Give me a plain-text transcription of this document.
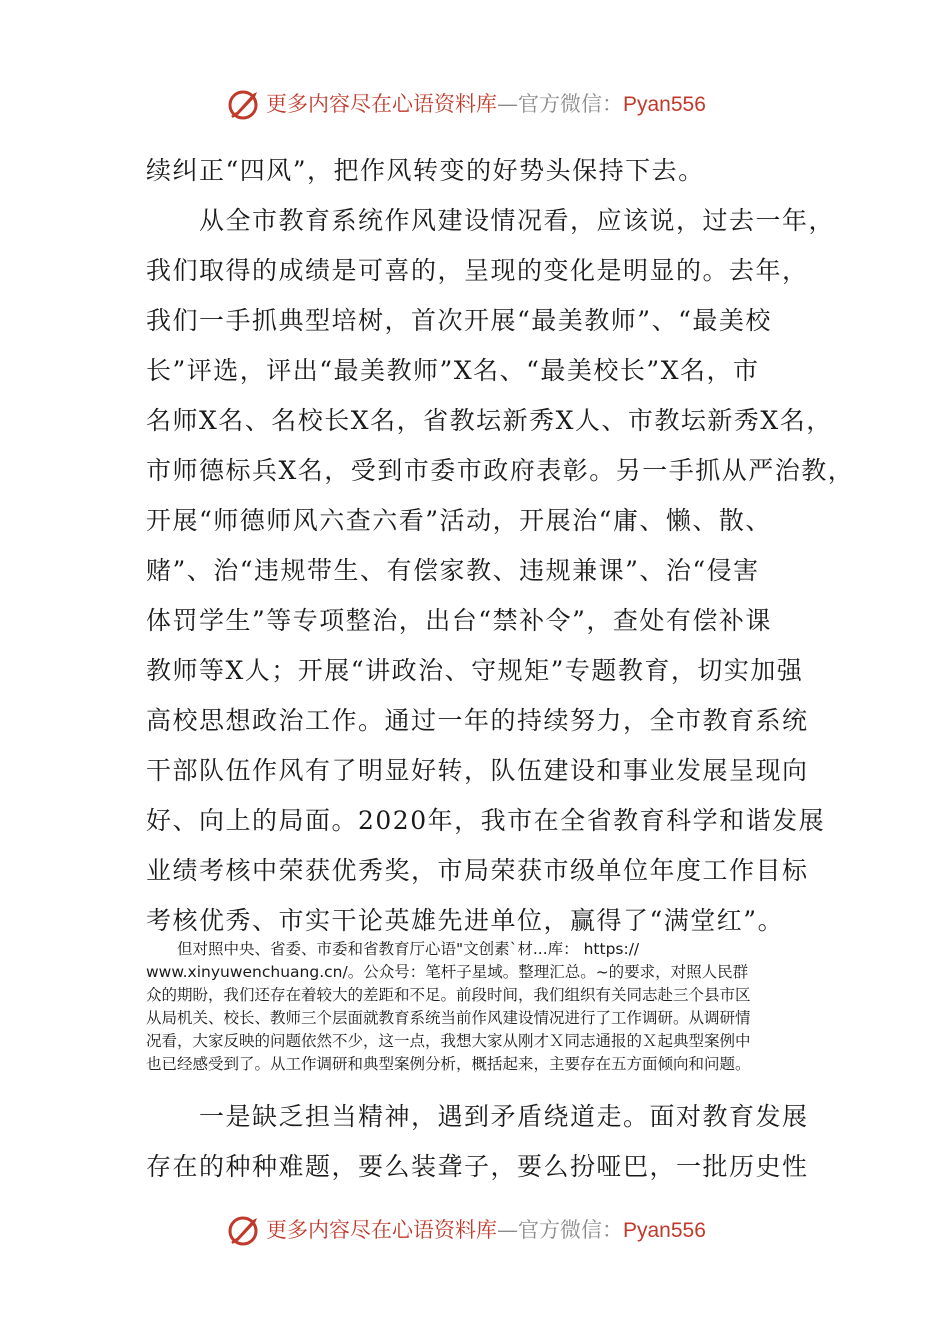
更多内容尽在心语资料库—官方微信：Pyan556
续纠正“四风”，把作风转变的好势头保持下去。
　　从全市教育系统作风建设情况看，应该说，过去一年，
我们取得的成绩是可喜的，呈现的变化是明显的。去年，
我们一手抓典型培树，首次开展“最美教师”、“最美校
长”评选，评出“最美教师”X名、“最美校长”X名，市
名师X名、名校长X名，省教坛新秀X人、市教坛新秀X名，
市师德标兵X名，受到市委市政府表彰。另一手抓从严治教，
开展“师德师风六查六看”活动，开展治“庸、懒、散、
赌”、治“违规带生、有偿家教、违规兼课”、治“侵害
体罚学生”等专项整治，出台“禁补令”，查处有偿补课
教师等X人；开展“讲政治、守规矩”专题教育，切实加强
高校思想政治工作。通过一年的持续努力，全市教育系统
干部队伍作风有了明显好转，队伍建设和事业发展呈现向
好、向上的局面。2020年，我市在全省教育科学和谐发展
业绩考核中荣获优秀奖，市局荣获市级单位年度工作目标
考核优秀、市实干论英雄先进单位，赢得了“满堂红”。
　　但对照中央、省委、市委和省教育厅心语"文创素`材...库： https://
www.xinyuwenchuang.cn/。公众号：笔杆子星域。整理汇总。~的要求，对照人民群
众的期盼，我们还存在着较大的差距和不足。前段时间，我们组织有关同志赴三个县市区
从局机关、校长、教师三个层面就教育系统当前作风建设情况进行了工作调研。从调研情
况看，大家反映的问题依然不少，这一点，我想大家从刚才Ｘ同志通报的Ｘ起典型案例中
也已经感受到了。从工作调研和典型案例分析，概括起来，主要存在五方面倾向和问题。
　　一是缺乏担当精神，遇到矛盾绕道走。面对教育发展
存在的种种难题，要么装聋子，要么扮哑巴，一批历史性
更多内容尽在心语资料库—官方微信：Pyan556
